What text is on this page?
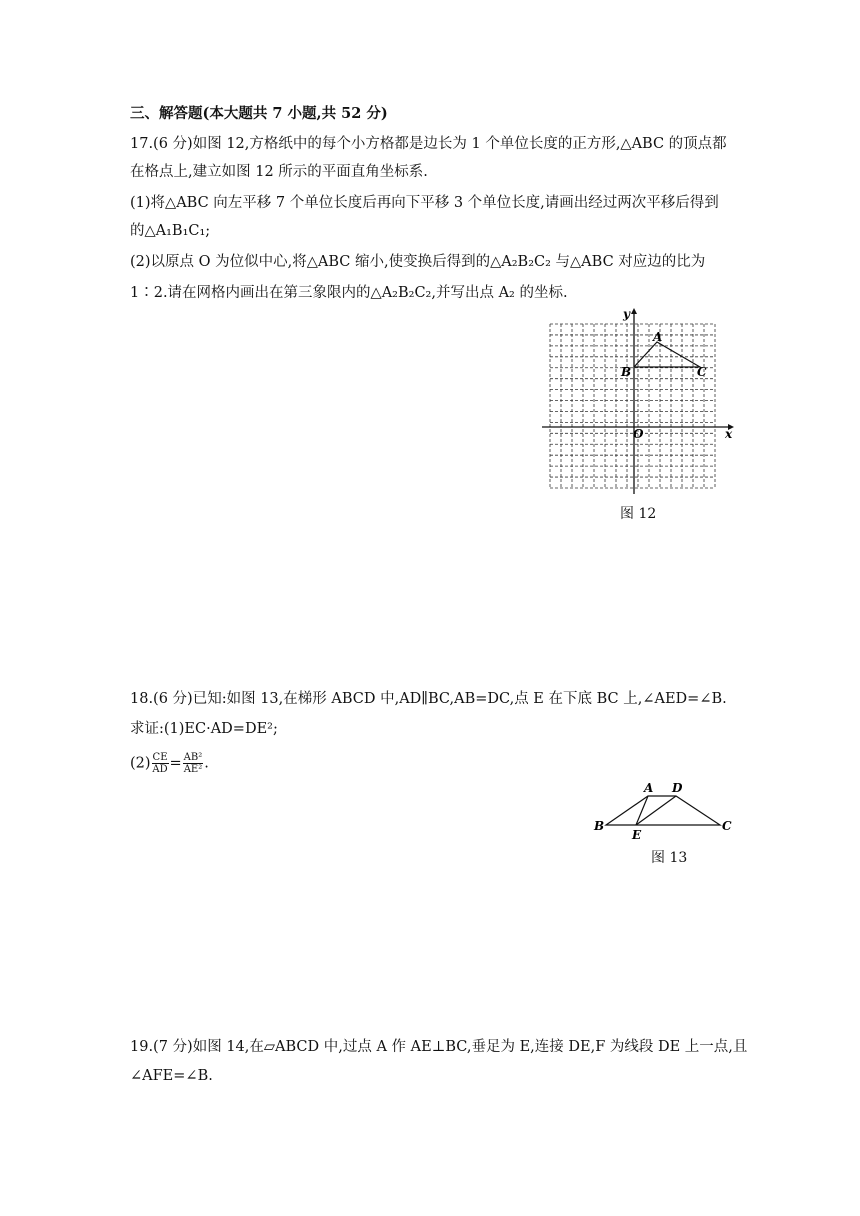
三、解答题(本大题共 7 小题,共 52 分)
17.(6 分)如图 12,方格纸中的每个小方格都是边长为 1 个单位长度的正方形,△ABC 的顶点都
在格点上,建立如图 12 所示的平面直角坐标系.
(1)将△ABC 向左平移 7 个单位长度后再向下平移 3 个单位长度,请画出经过两次平移后得到
的△A₁B₁C₁;
(2)以原点 O 为位似中心,将△ABC 缩小,使变换后得到的△A₂B₂C₂ 与△ABC 对应边的比为
1∶2.请在网格内画出在第三象限内的△A₂B₂C₂,并写出点 A₂ 的坐标.
y
x
O
A
B	C
图 12
18.(6 分)已知:如图 13,在梯形 ABCD 中,AD∥BC,AB=DC,点 E 在下底 BC 上,∠AED=∠B.
求证:(1)EC·AD=DE²;
$(2) \frac{CE}{AD} = \frac{\text{AB²}}{\text{AE²}}$ .
A D
B
E
C
图 13
19.(7 分)如图 14,在▱ABCD 中,过点 A 作 AE⊥BC,垂足为 E,连接 DE,F 为线段 DE 上一点,且
∠AFE=∠B.
